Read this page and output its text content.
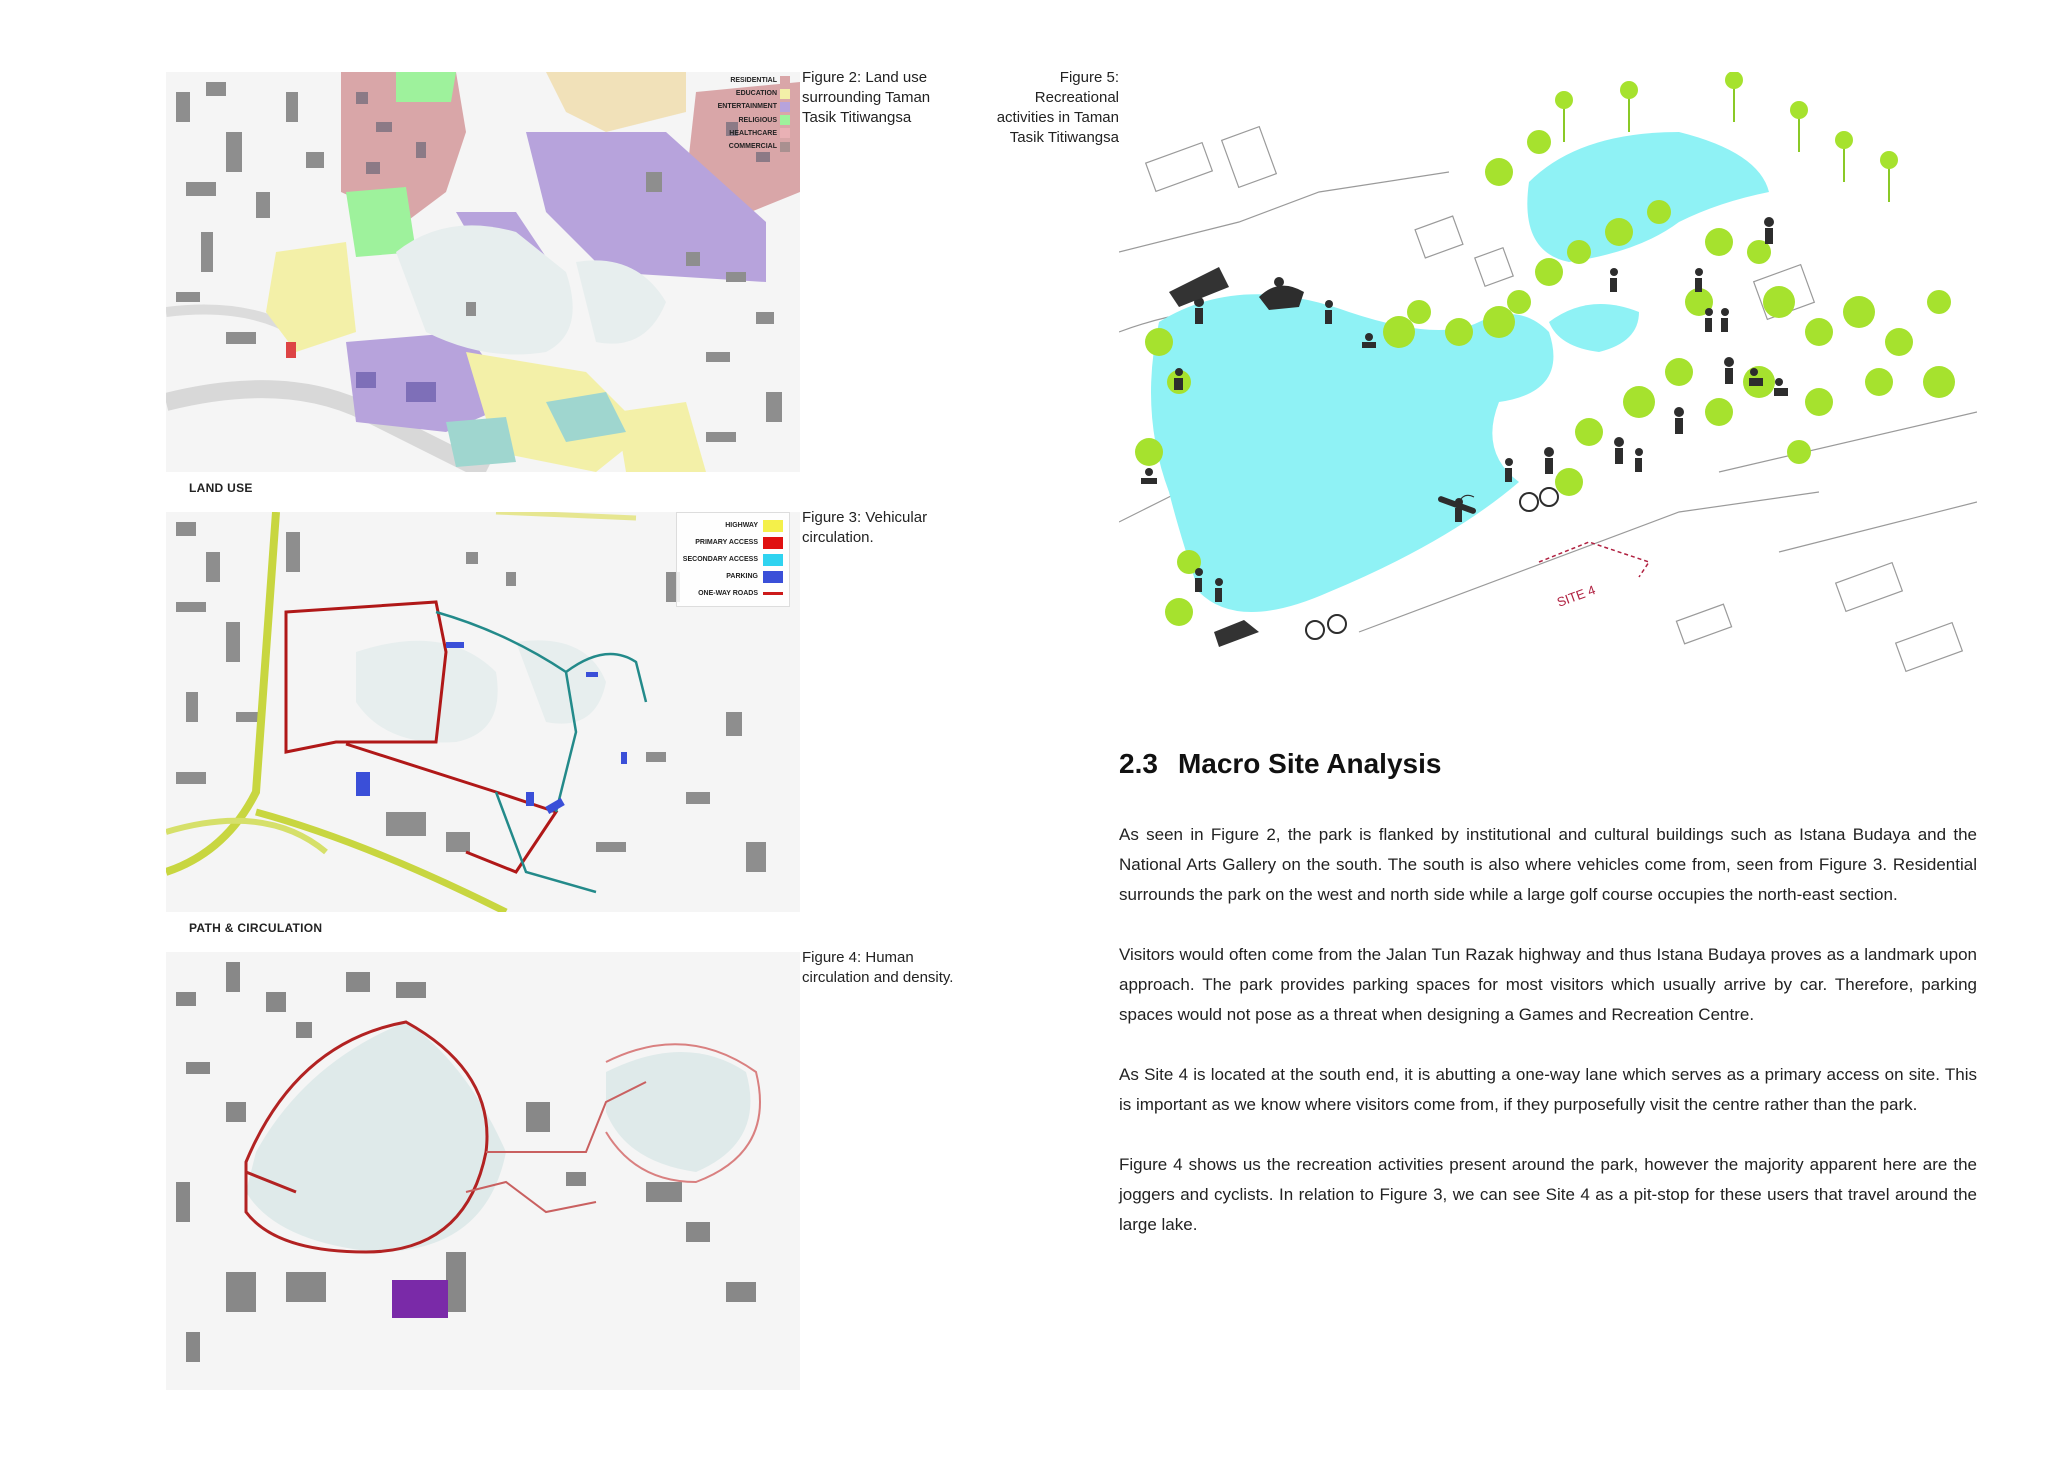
RESIDENTIAL
EDUCATION
ENTERTAINMENT
RELIGIOUS
HEALTHCARE
COMMERCIAL
Figure 2: Land use surrounding Taman Tasik Titiwangsa
LAND USE
HIGHWAY
PRIMARY ACCESS
SECONDARY ACCESS
PARKING
ONE-WAY ROADS
Figure 3: Vehicular circulation.
PATH & CIRCULATION
Figure 4: Human circulation and density.
SITE 4
Figure 5: Recreational activities in Taman Tasik Titiwangsa
2.3 Macro Site Analysis

As seen in Figure 2, the park is flanked by institutional and cultural buildings such as Istana Budaya and the National Arts Gallery on the south. The south is also where vehicles come from, seen from Figure 3. Residential surrounds the park on the west and north side while a large golf course occupies the north-east section.

Visitors would often come from the Jalan Tun Razak highway and thus Istana Budaya proves as a landmark upon approach. The park provides parking spaces for most visitors which usually arrive by car. Therefore, parking spaces would not pose as a threat when designing a Games and Recreation Centre.

As Site 4 is located at the south end, it is abutting a one-way lane which serves as a primary access on site. This is important as we know where visitors come from, if they purposefully visit the centre rather than the park.

Figure 4 shows us the recreation activities present around the park, however the majority apparent here are the joggers and cyclists. In relation to Figure 3, we can see Site 4 as a pit-stop for these users that travel around the large lake.
